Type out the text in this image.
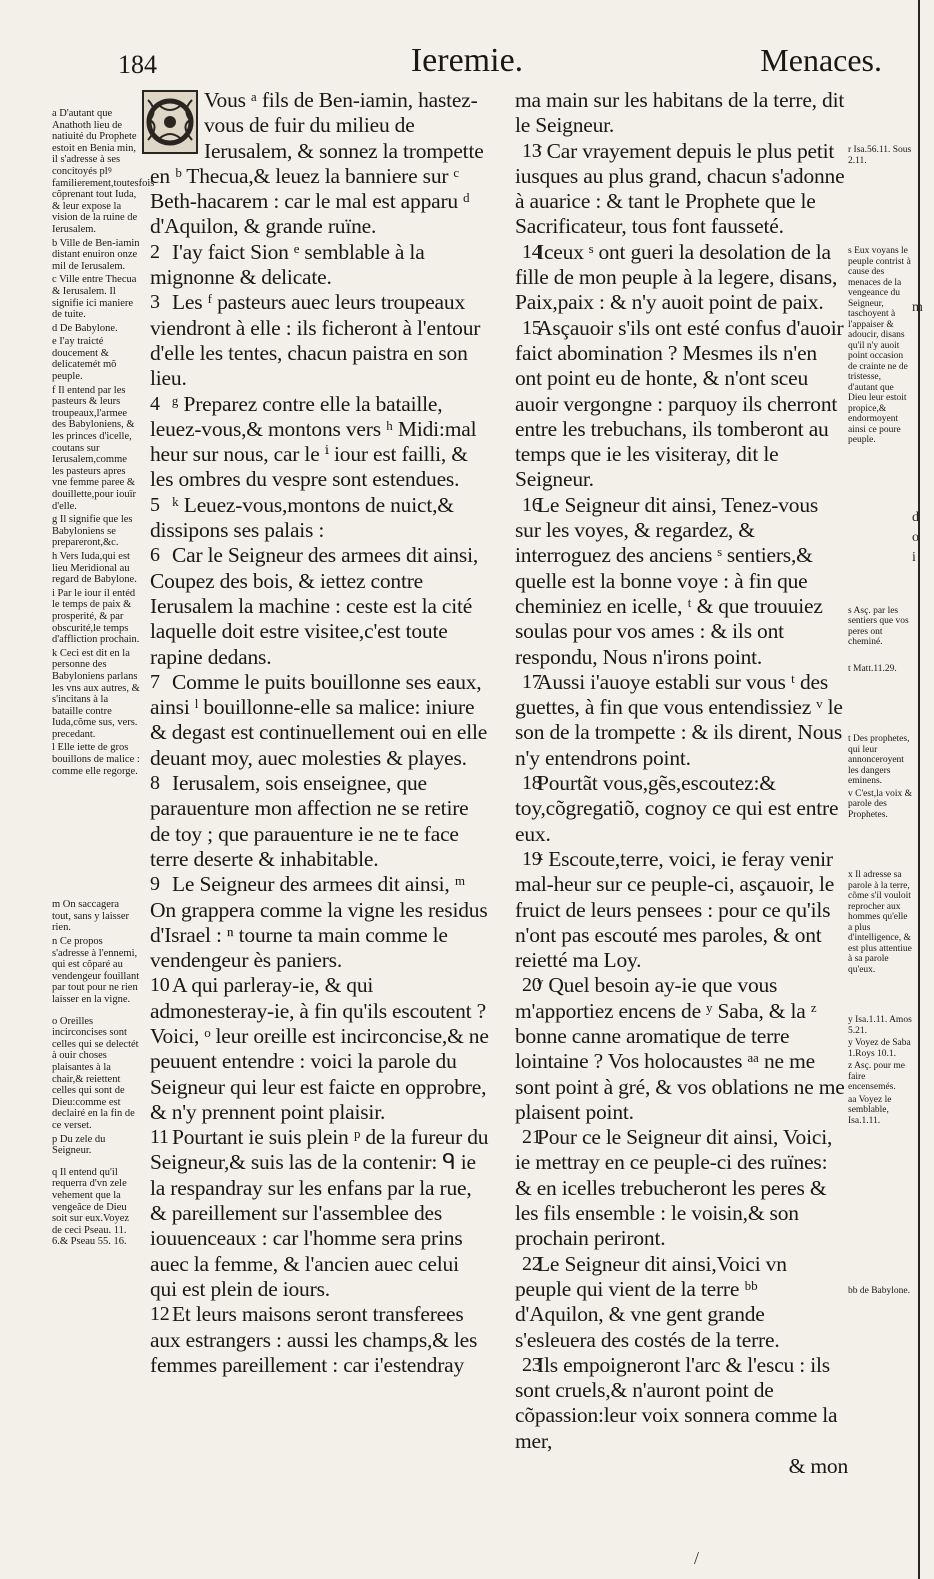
184	Ieremie.	Menaces.
a D'autant que Anathoth lieu de natiuité du Prophete estoit en Benia min, il s'adresse à ses concitoyés plꝰ familierement,toutesfois cõprenant tout Iuda, & leur expose la vision de la ruine de Ierusalem.
b Ville de Ben-iamin distant enuiron onze mil de Ierusalem.
c Ville entre Thecua & Ierusalem. Il signifie ici maniere de tuite.
d De Babylone.
e I'ay traicté doucement & delicatemét mõ peuple.
f Il entend par les pasteurs & leurs troupeaux,l'armee des Babyloniens, & les princes d'icelle, coutans sur Ierusalem,comme les pasteurs apres vne femme paree & douillette,pour iouïr d'elle.
g Il signifie que les Babyloniens se prepareront,&c.
h Vers Iuda,qui est lieu Meridional au regard de Babylone.
i Par le iour il entéd le temps de paix & prosperité, & par obscurité,le temps d'affliction prochain.
k Ceci est dit en la personne des Babyloniens parlans les vns aux autres, & s'incitans à la bataille contre Iuda,cõme sus, vers. precedant.
l Elle iette de gros bouillons de malice : comme elle regorge.
m On saccagera tout, sans y laisser rien.
n Ce propos s'adresse à l'ennemi, qui est cõparé au vendengeur fouillant par tout pour ne rien laisser en la vigne.
o Oreilles incirconcises sont celles qui se delectét à ouir choses plaisantes à la chair,& reiettent celles qui sont de Dieu:comme est declairé en la fin de ce verset.
p Du zele du Seigneur.
q Il entend qu'il requerra d'vn zele vehement que la vengeãce de Dieu soit sur eux.Voyez de ceci Pseau. 11. 6.& Pseau 55. 16.
Vous ᵃ fils de Ben-iamin, hastez-vous de fuir du milieu de Ierusalem, & sonnez la trompette en ᵇ Thecua,& leuez la banniere sur ᶜ Beth-hacarem : car le mal est apparu ᵈ d'Aquilon, & grande ruïne.
2 I'ay faict Sion ᵉ semblable à la mignonne & delicate.
3 Les ᶠ pasteurs auec leurs troupeaux viendront à elle : ils ficheront à l'entour d'elle les tentes, chacun paistra en son lieu.
4 ᵍ Preparez contre elle la bataille, leuez-vous,& montons vers ʰ Midi:mal heur sur nous, car le ⁱ iour est failli, & les ombres du vespre sont estendues.
5 ᵏ Leuez-vous,montons de nuict,& dissipons ses palais :
6 Car le Seigneur des armees dit ainsi, Coupez des bois, & iettez contre Ierusalem la machine : ceste est la cité laquelle doit estre visitee,c'est toute rapine dedans.
7 Comme le puits bouillonne ses eaux, ainsi ˡ bouillonne-elle sa malice: iniure & degast est continuellement oui en elle deuant moy, auec molesties & playes.
8 Ierusalem, sois enseignee, que parauenture mon affection ne se retire de toy ; que parauenture ie ne te face terre deserte & inhabitable.
9 Le Seigneur des armees dit ainsi, ᵐ On grappera comme la vigne les residus d'Israel : ⁿ tourne ta main comme le vendengeur ès paniers.
10 A qui parleray-ie, & qui admonesteray-ie, à fin qu'ils escoutent ? Voici, ᵒ leur oreille est incirconcise,& ne peuuent entendre : voici la parole du Seigneur qui leur est faicte en opprobre, & n'y prennent point plaisir.
11 Pourtant ie suis plein ᵖ de la fureur du Seigneur,& suis las de la contenir: ᑫ ie la respandray sur les enfans par la rue, & pareillement sur l'assemblee des iouuenceaux : car l'homme sera prins auec la femme, & l'ancien auec celui qui est plein de iours.
12 Et leurs maisons seront transferees aux estrangers : aussi les champs,& les femmes pareillement : car i'estendray
ma main sur les habitans de la terre, dit le Seigneur.
13
ʳ Car vrayement depuis le plus petit iusques au plus grand, chacun s'adonne à auarice : & tant le Prophete que le Sacrificateur, tous font fausseté.
14
Iceux ˢ ont gueri la desolation de la fille de mon peuple à la legere, disans, Paix,paix : & n'y auoit point de paix.
15
Asçauoir s'ils ont esté confus d'auoir faict abomination ? Mesmes ils n'en ont point eu de honte, & n'ont sceu auoir vergongne : parquoy ils cherront entre les trebuchans, ils tomberont au temps que ie les visiteray, dit le Seigneur.
16
Le Seigneur dit ainsi, Tenez-vous sur les voyes, & regardez, & interroguez des anciens ˢ sentiers,& quelle est la bonne voye : à fin que cheminiez en icelle, ᵗ & que trouuiez soulas pour vos ames : & ils ont respondu, Nous n'irons point.
17
Aussi i'auoye establi sur vous ᵗ des guettes, à fin que vous entendissiez ᵛ le son de la trompette : & ils dirent, Nous n'y entendrons point.
18
Pourtãt vous,gẽs,escoutez:& toy,cõgregatiõ, cognoy ce qui est entre eux.
19
ˣ Escoute,terre, voici, ie feray venir mal-heur sur ce peuple-ci, asçauoir, le fruict de leurs pensees : pour ce qu'ils n'ont pas escouté mes paroles, & ont reietté ma Loy.
20
ʸ Quel besoin ay-ie que vous m'apportiez encens de ʸ Saba, & la ᶻ bonne canne aromatique de terre lointaine ? Vos holocaustes ᵃᵃ ne me sont point à gré, & vos oblations ne me plaisent point.
21
Pour ce le Seigneur dit ainsi, Voici, ie mettray en ce peuple-ci des ruïnes: & en icelles trebucheront les peres & les fils ensemble : le voisin,& son prochain periront.
22
Le Seigneur dit ainsi,Voici vn peuple qui vient de la terre ᵇᵇ d'Aquilon, & vne gent grande s'esleuera des costés de la terre.
23
Ils empoigneront l'arc & l'escu : ils sont cruels,& n'auront point de cõpassion:leur voix sonnera comme la mer,
& mon
r Isa.56.11. Sous 2.11.
s Eux voyans le peuple contrist à cause des menaces de la vengeance du Seigneur, taschoyent à l'appaiser & adoucir, disans qu'il n'y auoit point occasion de crainte ne de tristesse, d'autant que Dieu leur estoit propice,& endormoyent ainsi ce poure peuple.
s Asç. par les sentiers que vos peres ont cheminé.
t Matt.11.29.
t Des prophetes, qui leur annonceroyent les dangers eminens.
v C'est,la voix & parole des Prophetes.
x Il adresse sa parole à la terre, cõme s'il vouloit reprocher aux hommes qu'elle a plus d'intelligence, & est plus attentiue à sa parole qu'eux.
y Isa.1.11. Amos 5.21.
y Voyez de Saba 1.Roys 10.1.
z Asç. pour me faire encensemés.
aa Voyez le semblable, Isa.1.11.
bb de Babylone.
m
d
o
i
/
